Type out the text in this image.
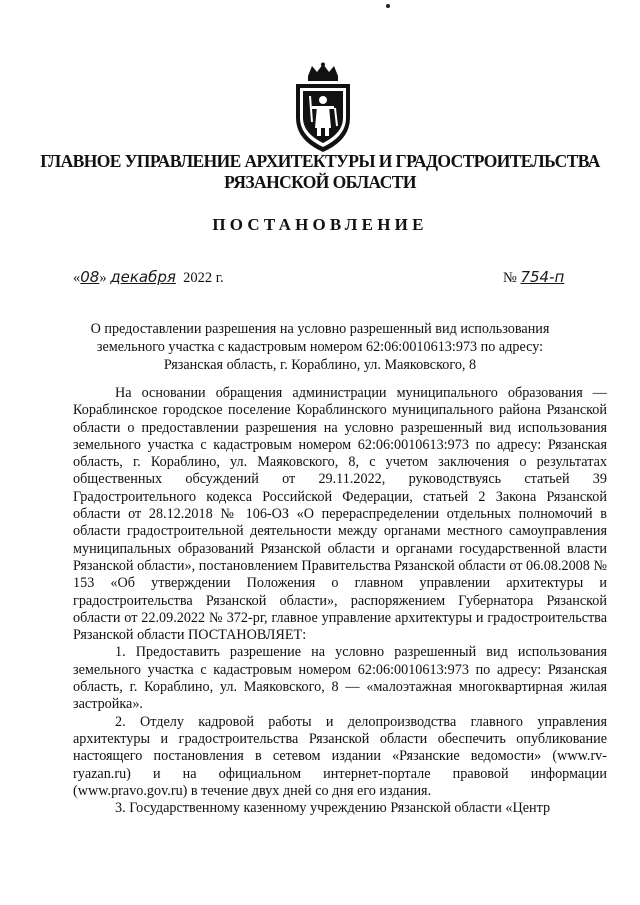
ГЛАВНОЕ УПРАВЛЕНИЕ АРХИТЕКТУРЫ И ГРАДОСТРОИТЕЛЬСТВА
РЯЗАНСКОЙ ОБЛАСТИ
ПОСТАНОВЛЕНИЕ
«08» декабря 2022 г.	№ 754-п
О предоставлении разрешения на условно разрешенный вид использования
земельного участка с кадастровым номером 62:06:0010613:973 по адресу:
Рязанская область, г. Кораблино, ул. Маяковского, 8

На основании обращения администрации муниципального образования — Кораблинское городское поселение Кораблинского муниципального района Рязанской области о предоставлении разрешения на условно разрешенный вид использования земельного участка с кадастровым номером 62:06:0010613:973 по адресу: Рязанская область, г. Кораблино, ул. Маяковского, 8, с учетом заключения о результатах общественных обсуждений от 29.11.2022, руководствуясь статьей 39 Градостроительного кодекса Российской Федерации, статьей 2 Закона Рязанской области от 28.12.2018 № 106-ОЗ «О перераспределении отдельных полномочий в области градостроительной деятельности между органами местного самоуправления муниципальных образований Рязанской области и органами государственной власти Рязанской области», постановлением Правительства Рязанской области от 06.08.2008 № 153 «Об утверждении Положения о главном управлении архитектуры и градостроительства Рязанской области», распоряжением Губернатора Рязанской области от 22.09.2022 № 372-рг, главное управление архитектуры и градостроительства Рязанской области ПОСТАНОВЛЯЕТ:

1. Предоставить разрешение на условно разрешенный вид использования земельного участка с кадастровым номером 62:06:0010613:973 по адресу: Рязанская область, г. Кораблино, ул. Маяковского, 8 — «малоэтажная многоквартирная жилая застройка».

2. Отделу кадровой работы и делопроизводства главного управления архитектуры и градостроительства Рязанской области обеспечить опубликование настоящего постановления в сетевом издании «Рязанские ведомости» (www.rv-ryazan.ru) и на официальном интернет-портале правовой информации (www.pravo.gov.ru) в течение двух дней со дня его издания.

3. Государственному казенному учреждению Рязанской области «Центр
